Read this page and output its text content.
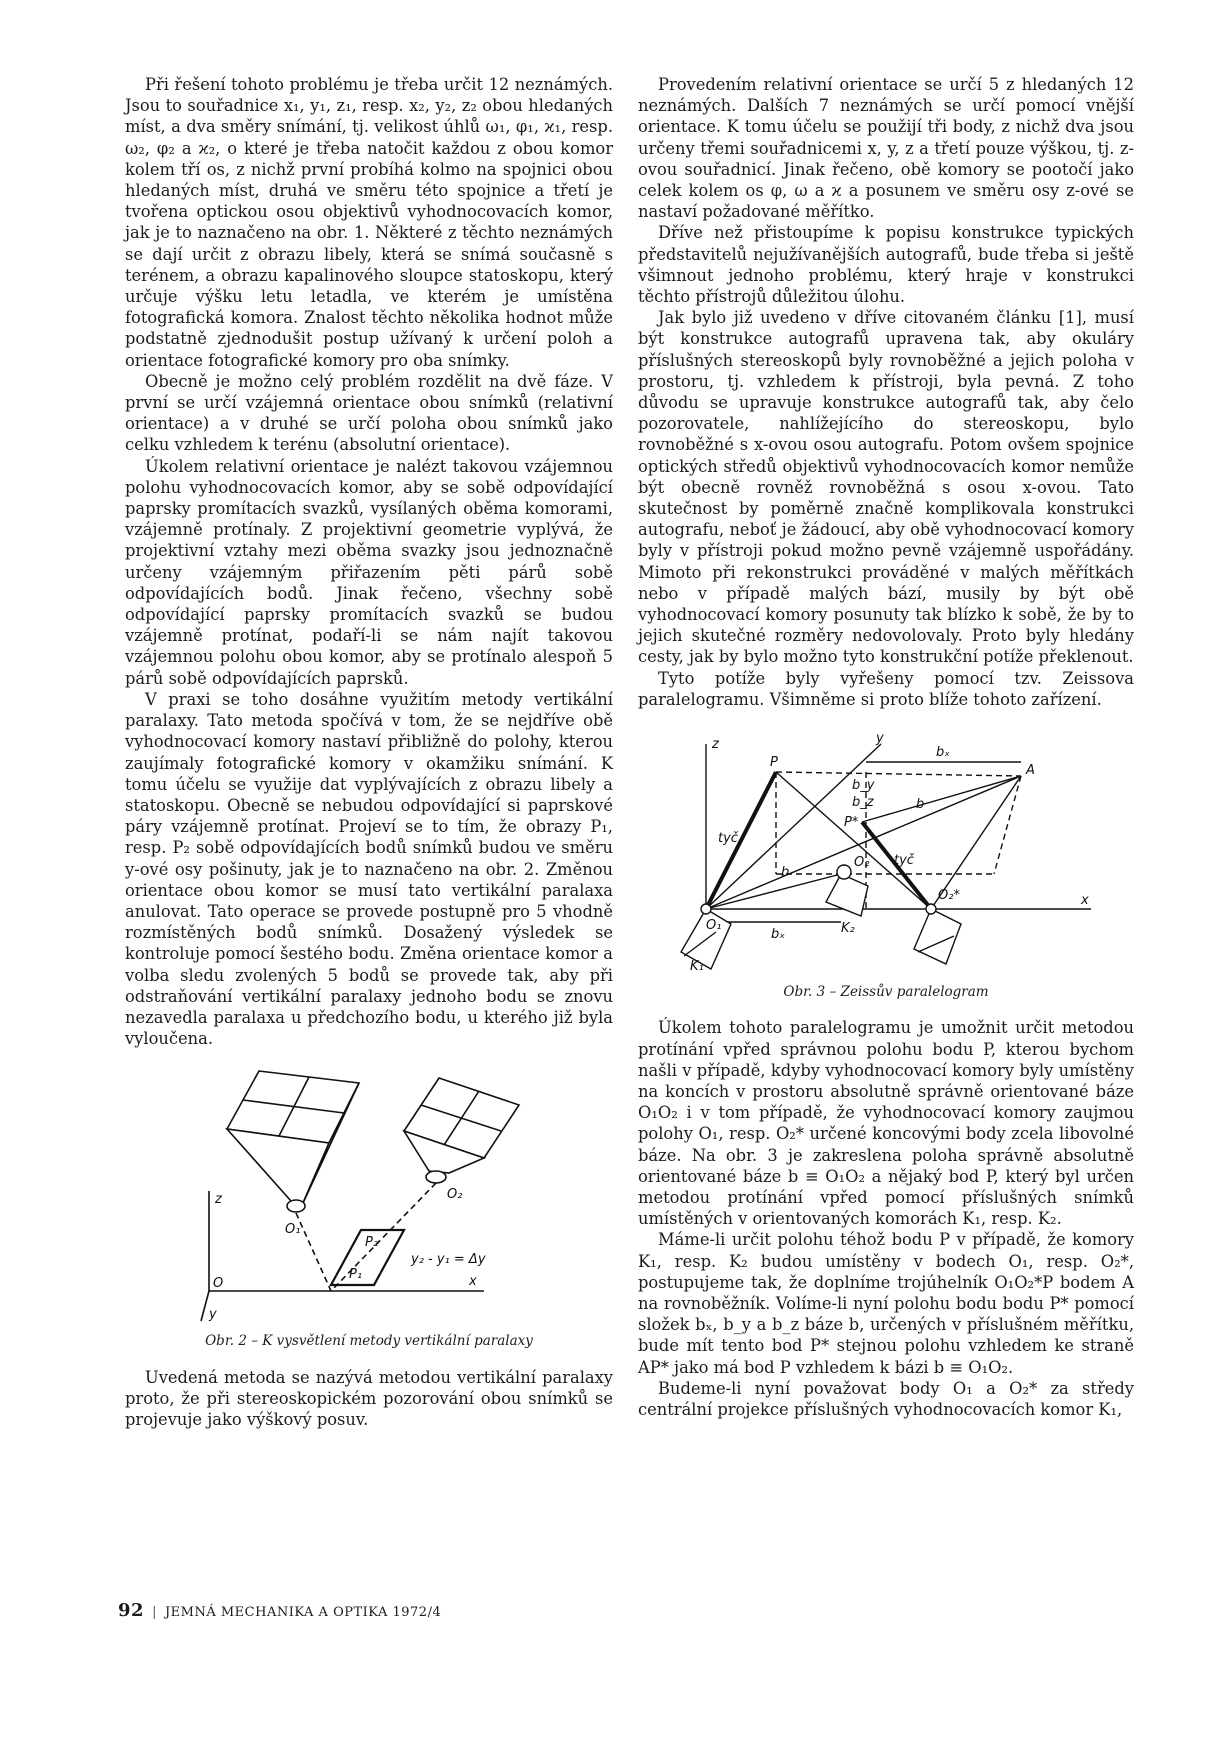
Při řešení tohoto problému je třeba určit 12 neznámých. Jsou to souřadnice x₁, y₁, z₁, resp. x₂, y₂, z₂ obou hledaných míst, a dva směry snímání, tj. velikost úhlů ω₁, φ₁, ϰ₁, resp. ω₂, φ₂ a ϰ₂, o které je třeba natočit každou z obou komor kolem tří os, z nichž první probíhá kolmo na spojnici obou hledaných míst, druhá ve směru této spojnice a třetí je tvořena optickou osou objektivů vyhodnocovacích komor, jak je to naznačeno na obr. 1. Některé z těchto neznámých se dají určit z obrazu libely, která se snímá současně s terénem, a obrazu kapalinového sloupce statoskopu, který určuje výšku letu letadla, ve kterém je umístěna fotografická komora. Znalost těchto několika hodnot může podstatně zjednodušit postup užívaný k určení poloh a orientace fotografické komory pro oba snímky.

Obecně je možno celý problém rozdělit na dvě fáze. V první se určí vzájemná orientace obou snímků (relativní orientace) a v druhé se určí poloha obou snímků jako celku vzhledem k terénu (absolutní orientace).

Úkolem relativní orientace je nalézt takovou vzájemnou polohu vyhodnocovacích komor, aby se sobě odpovídající paprsky promítacích svazků, vysílaných oběma komorami, vzájemně protínaly. Z projektivní geometrie vyplývá, že projektivní vztahy mezi oběma svazky jsou jednoznačně určeny vzájemným přiřazením pěti párů sobě odpovídajících bodů. Jinak řečeno, všechny sobě odpovídající paprsky promítacích svazků se budou vzájemně protínat, podaří-li se nám najít takovou vzájemnou polohu obou komor, aby se protínalo alespoň 5 párů sobě odpovídajících paprsků.

V praxi se toho dosáhne využitím metody vertikální paralaxy. Tato metoda spočívá v tom, že se nejdříve obě vyhodnocovací komory nastaví přibližně do polohy, kterou zaujímaly fotografické komory v okamžiku snímání. K tomu účelu se využije dat vyplývajících z obrazu libely a statoskopu. Obecně se nebudou odpovídající si paprskové páry vzájemně protínat. Projeví se to tím, že obrazy P₁, resp. P₂ sobě odpovídajících bodů snímků budou ve směru y-ové osy pošinuty, jak je to naznačeno na obr. 2. Změnou orientace obou komor se musí tato vertikální paralaxa anulovat. Tato operace se provede postupně pro 5 vhodně rozmístěných bodů snímků. Dosažený výsledek se kontroluje pomocí šestého bodu. Změna orientace komor a volba sledu zvolených 5 bodů se provede tak, aby při odstraňování vertikální paralaxy jednoho bodu se znovu nezavedla paralaxa u předchozího bodu, u kterého již byla vyloučena.

z
O	x
y
O₁
O₂
P₂
P₁
y₂ - y₁ = Δy

Obr. 2 – K vysvětlení metody vertikální paralaxy

Uvedená metoda se nazývá metodou vertikální paralaxy proto, že při stereoskopickém pozorování obou snímků se projevuje jako výškový posuv.

Provedením relativní orientace se určí 5 z hledaných 12 neznámých. Dalších 7 neznámých se určí pomocí vnější orientace. K tomu účelu se použijí tři body, z nichž dva jsou určeny třemi souřadnicemi x, y, z a třetí pouze výškou, tj. z-ovou souřadnicí. Jinak řečeno, obě komory se pootočí jako celek kolem os φ, ω a ϰ a posunem ve směru osy z-ové se nastaví požadované měřítko.

Dříve než přistoupíme k popisu konstrukce typických představitelů nejužívanějších autografů, bude třeba si ještě všimnout jednoho problému, který hraje v konstrukci těchto přístrojů důležitou úlohu.

Jak bylo již uvedeno v dříve citovaném článku [1], musí být konstrukce autografů upravena tak, aby okuláry příslušných stereoskopů byly rovnoběžné a jejich poloha v prostoru, tj. vzhledem k přístroji, byla pevná. Z toho důvodu se upravuje konstrukce autografů tak, aby čelo pozorovatele, nahlížejícího do stereoskopu, bylo rovnoběžné s x-ovou osou autografu. Potom ovšem spojnice optických středů objektivů vyhodnocovacích komor nemůže být obecně rovněž rovnoběžná s osou x-ovou. Tato skutečnost by poměrně značně komplikovala konstrukci autografu, neboť je žádoucí, aby obě vyhodnocovací komory byly v přístroji pokud možno pevně vzájemně uspořádány. Mimoto při rekonstrukci prováděné v malých měřítkách nebo v případě malých bází, musily by být obě vyhodnocovací komory posunuty tak blízko k sobě, že by to jejich skutečné rozměry nedovolovaly. Proto byly hledány cesty, jak by bylo možno tyto konstrukční potíže překlenout.

Tyto potíže byly vyřešeny pomocí tzv. Zeissova paralelogramu. Všimněme si proto blíže tohoto zařízení.

z	y
x
P
A
bₓ
bₓ
b_y
b_z	b
b
P*
O₁
O₂
O₂*
K₁
K₂
tyč
tyč

Obr. 3 – Zeissův paralelogram

Úkolem tohoto paralelogramu je umožnit určit metodou protínání vpřed správnou polohu bodu P, kterou bychom našli v případě, kdyby vyhodnocovací komory byly umístěny na koncích v prostoru absolutně správně orientované báze O₁O₂ i v tom případě, že vyhodnocovací komory zaujmou polohy O₁, resp. O₂* určené koncovými body zcela libovolné báze. Na obr. 3 je zakreslena poloha správně absolutně orientované báze b ≡ O₁O₂ a nějaký bod P, který byl určen metodou protínání vpřed pomocí příslušných snímků umístěných v orientovaných komorách K₁, resp. K₂.

Máme-li určit polohu téhož bodu P v případě, že komory K₁, resp. K₂ budou umístěny v bodech O₁, resp. O₂*, postupujeme tak, že doplníme trojúhelník O₁O₂*P bodem A na rovnoběžník. Volíme-li nyní polohu bodu bodu P* pomocí složek bₓ, b_y a b_z báze b, určených v příslušném měřítku, bude mít tento bod P* stejnou polohu vzhledem ke straně AP* jako má bod P vzhledem k bázi b ≡ O₁O₂.

Budeme-li nyní považovat body O₁ a O₂* za středy centrální projekce příslušných vyhodnocovacích komor K₁,

92 | JEMNÁ MECHANIKA A OPTIKA 1972/4
